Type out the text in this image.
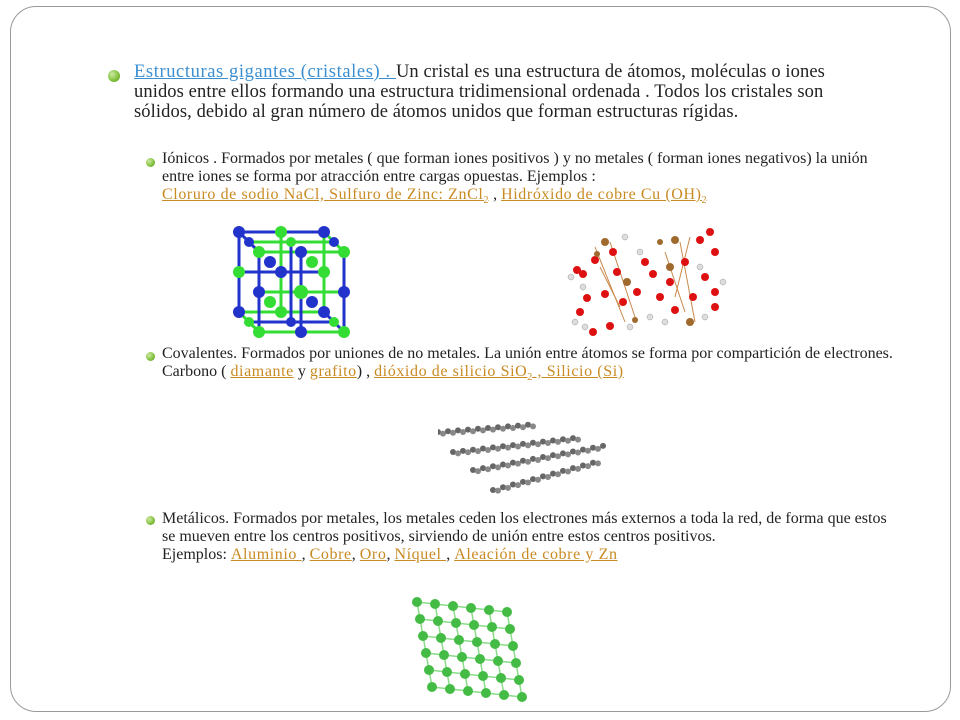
Estructuras gigantes (cristales) . Un cristal es una estructura de átomos, moléculas o iones unidos entre ellos formando una estructura tridimensional ordenada . Todos los cristales son sólidos, debido al gran número de átomos unidos que forman estructuras rígidas.
Iónicos . Formados por metales ( que forman iones positivos ) y no metales ( forman iones negativos) la unión entre iones se forma por atracción entre cargas opuestas. Ejemplos :
Cloruro de sodio NaCl, Sulfuro de Zinc: ZnCl$_2$ , Hidróxido de cobre Cu $(OH)_2$
Covalentes. Formados por uniones de no metales. La unión entre átomos se forma por compartición de electrones. Carbono ( diamante y grafito) , dióxido de silicio SiO$_2$ , Silicio (Si)
Metálicos. Formados por metales, los metales ceden los electrones más externos a toda la red, de forma que estos se mueven entre los centros positivos, sirviendo de unión entre estos centros positivos.
Ejemplos: Aluminio , Cobre, Oro, Níquel , Aleación de cobre y Zn
